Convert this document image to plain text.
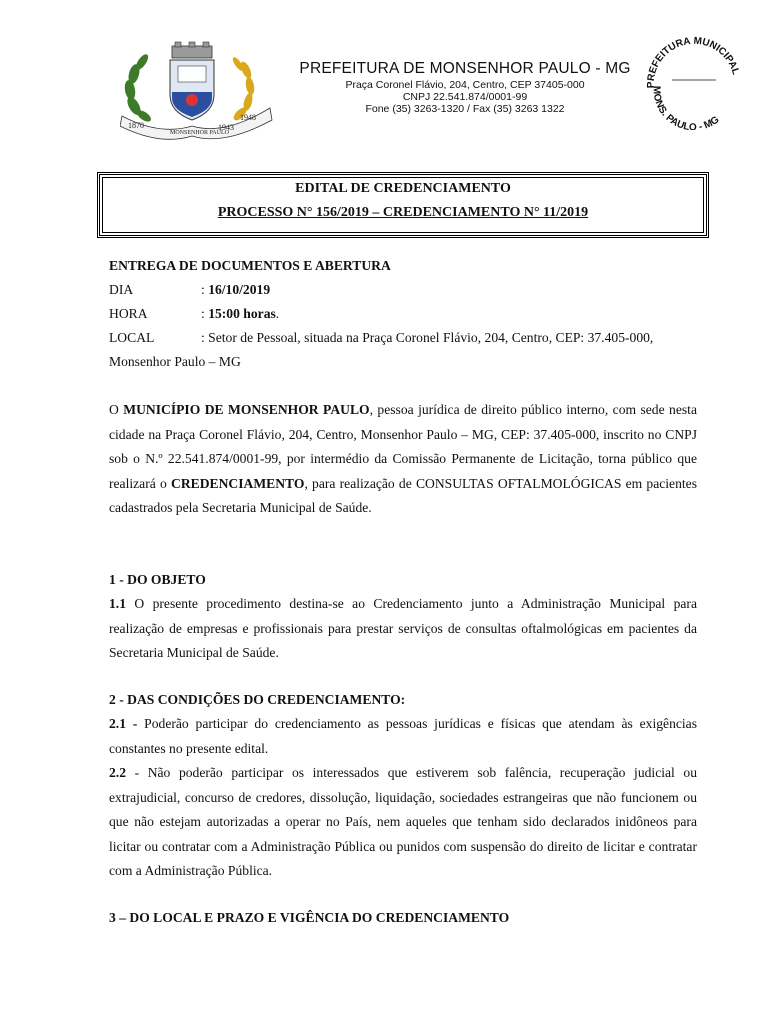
1870
MONSENHOR PAULO
1943
1948
PREFEITURA DE MONSENHOR PAULO - MG
Praça Coronel Flávio, 204, Centro, CEP 37405-000
CNPJ 22.541.874/0001-99
Fone (35) 3263-1320 / Fax (35) 3263 1322
PREFEITURA MUNICIPAL
MONS. PAULO - MG
EDITAL DE CREDENCIAMENTO
PROCESSO N° 156/2019 – CREDENCIAMENTO N° 11/2019
ENTREGA DE DOCUMENTOS E ABERTURA
DIA	: 16/10/2019
HORA	: 15:00 horas.
LOCAL	: Setor de Pessoal, situada na Praça Coronel Flávio, 204, Centro, CEP: 37.405-000,
Monsenhor Paulo – MG
O MUNICÍPIO DE MONSENHOR PAULO, pessoa jurídica de direito público interno, com sede nesta cidade na Praça Coronel Flávio, 204, Centro, Monsenhor Paulo – MG, CEP: 37.405-000, inscrito no CNPJ sob o N.º 22.541.874/0001-99, por intermédio da Comissão Permanente de Licitação, torna público que realizará o CREDENCIAMENTO, para realização de CONSULTAS OFTALMOLÓGICAS em pacientes cadastrados pela Secretaria Municipal de Saúde.
1 - DO OBJETO
1.1 O presente procedimento destina-se ao Credenciamento junto a Administração Municipal para realização de empresas e profissionais para prestar serviços de consultas oftalmológicas em pacientes da Secretaria Municipal de Saúde.
2 - DAS CONDIÇÕES DO CREDENCIAMENTO:
2.1 - Poderão participar do credenciamento as pessoas jurídicas e físicas que atendam às exigências constantes no presente edital.
2.2 - Não poderão participar os interessados que estiverem sob falência, recuperação judicial ou extrajudicial, concurso de credores, dissolução, liquidação, sociedades estrangeiras que não funcionem ou que não estejam autorizadas a operar no País, nem aqueles que tenham sido declarados inidôneos para licitar ou contratar com a Administração Pública ou punidos com suspensão do direito de licitar e contratar com a Administração Pública.
3 – DO LOCAL E PRAZO E VIGÊNCIA DO CREDENCIAMENTO
